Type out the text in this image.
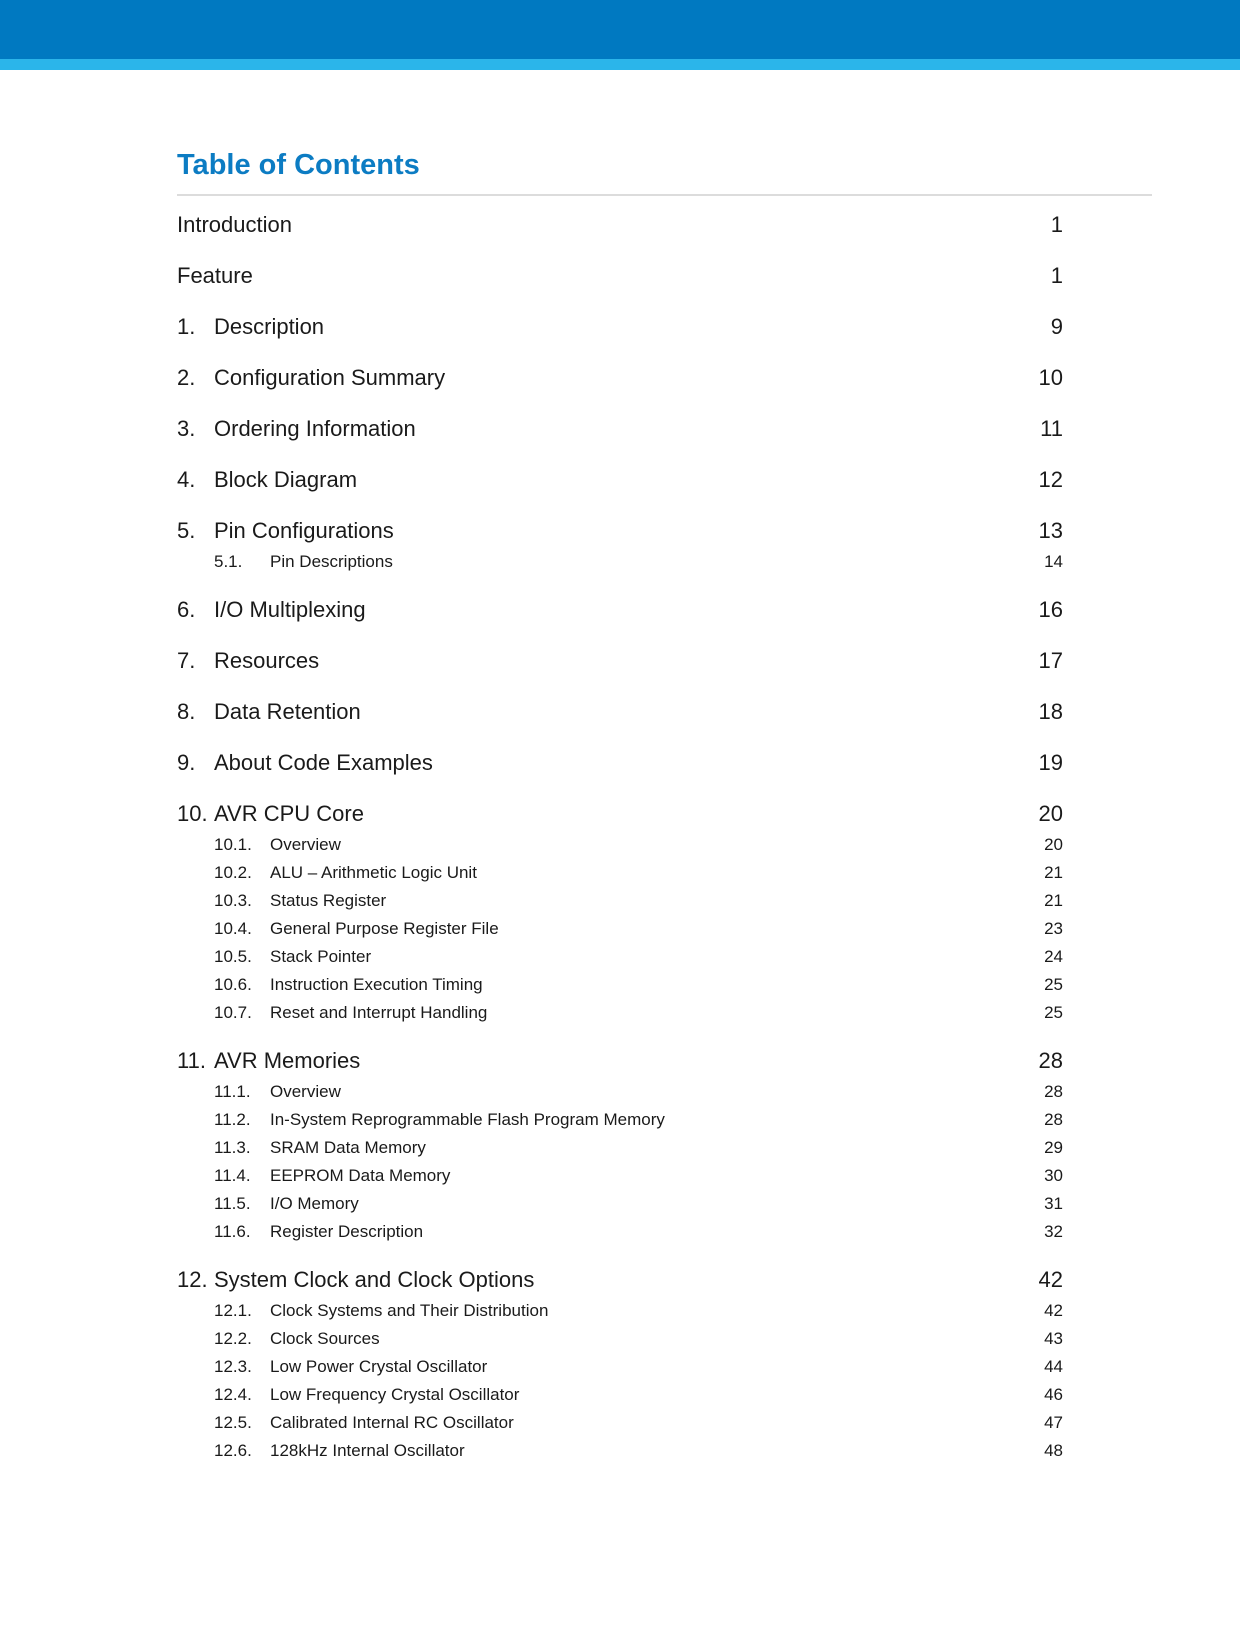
Table of Contents
Introduction	1
Feature	1
1. Description	9
2. Configuration Summary	10
3. Ordering Information	11
4. Block Diagram	12
5. Pin Configurations	13
5.1.	Pin Descriptions	14
6. I/O Multiplexing	16
7. Resources	17
8. Data Retention	18
9. About Code Examples	19
10. AVR CPU Core	20
10.1.	Overview	20
10.2.	ALU – Arithmetic Logic Unit	21
10.3.	Status Register	21
10.4.	General Purpose Register File	23
10.5.	Stack Pointer	24
10.6.	Instruction Execution Timing	25
10.7.	Reset and Interrupt Handling	25
11. AVR Memories	28
11.1.	Overview	28
11.2.	In-System Reprogrammable Flash Program Memory	28
11.3.	SRAM Data Memory	29
11.4.	EEPROM Data Memory	30
11.5.	I/O Memory	31
11.6.	Register Description	32
12. System Clock and Clock Options	42
12.1.	Clock Systems and Their Distribution	42
12.2.	Clock Sources	43
12.3.	Low Power Crystal Oscillator	44
12.4.	Low Frequency Crystal Oscillator	46
12.5.	Calibrated Internal RC Oscillator	47
12.6.	128kHz Internal Oscillator	48
